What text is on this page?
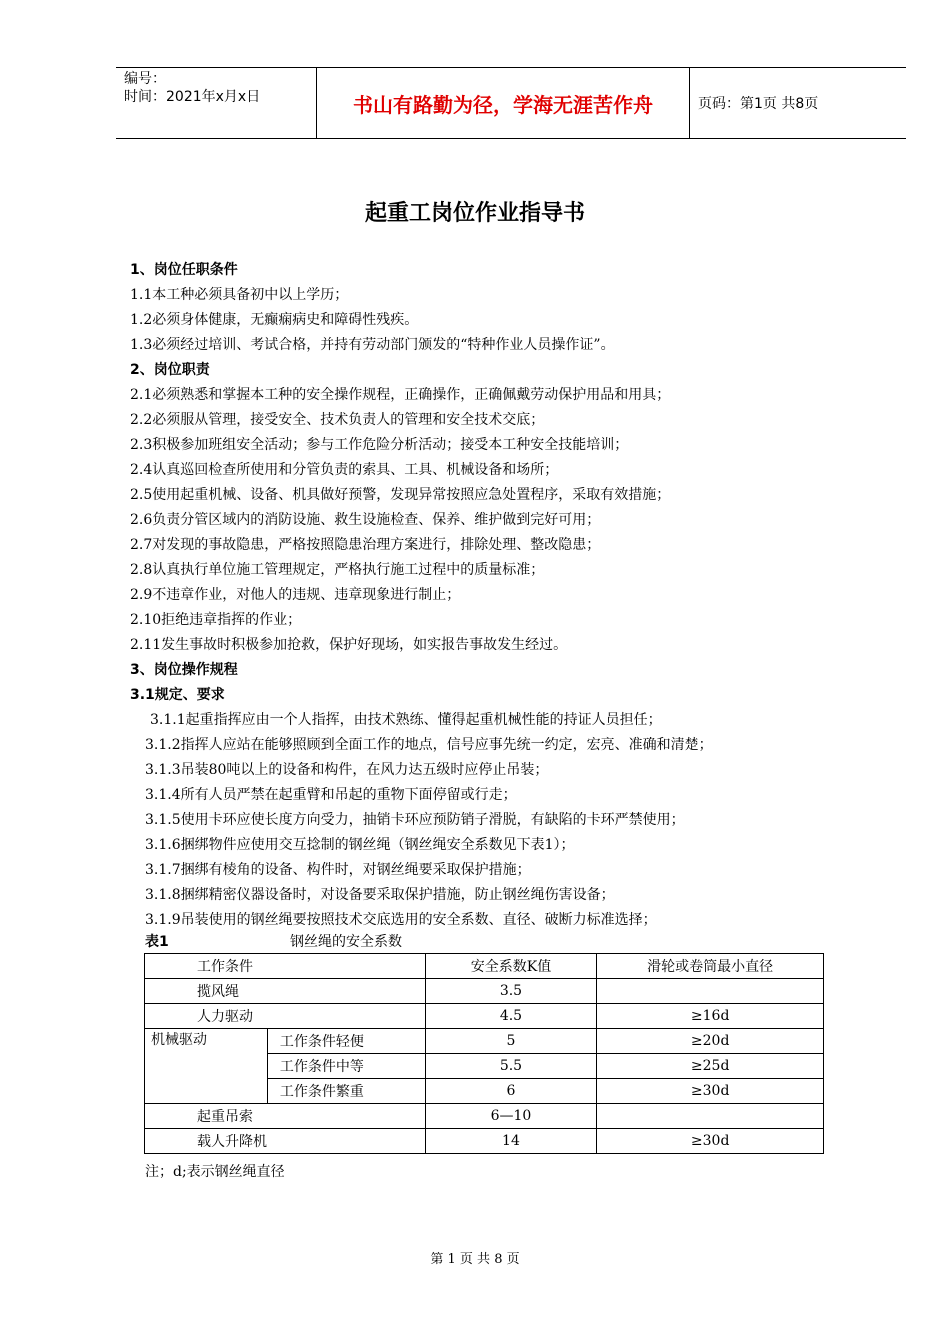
编号：
时间：2021年x月x日	书山有路勤为径，学海无涯苦作舟	页码：第1页 共8页
起重工岗位作业指导书
1、岗位任职条件
1.1本工种必须具备初中以上学历；
1.2必须身体健康，无癫痫病史和障碍性残疾。
1.3必须经过培训、考试合格，并持有劳动部门颁发的“特种作业人员操作证”。
2、岗位职责
2.1必须熟悉和掌握本工种的安全操作规程，正确操作，正确佩戴劳动保护用品和用具；
2.2必须服从管理，接受安全、技术负责人的管理和安全技术交底；
2.3积极参加班组安全活动；参与工作危险分析活动；接受本工种安全技能培训；
2.4认真巡回检查所使用和分管负责的索具、工具、机械设备和场所；
2.5使用起重机械、设备、机具做好预警，发现异常按照应急处置程序，采取有效措施；
2.6负责分管区域内的消防设施、救生设施检查、保养、维护做到完好可用；
2.7对发现的事故隐患，严格按照隐患治理方案进行，排除处理、整改隐患；
2.8认真执行单位施工管理规定，严格执行施工过程中的质量标准；
2.9不违章作业，对他人的违规、违章现象进行制止；
2.10拒绝违章指挥的作业；
2.11发生事故时积极参加抢救，保护好现场，如实报告事故发生经过。
3、岗位操作规程
3.1规定、要求
3.1.1起重指挥应由一个人指挥，由技术熟练、懂得起重机械性能的持证人员担任；
3.1.2指挥人应站在能够照顾到全面工作的地点，信号应事先统一约定，宏亮、准确和清楚；
3.1.3吊装80吨以上的设备和构件，在风力达五级时应停止吊装；
3.1.4所有人员严禁在起重臂和吊起的重物下面停留或行走；
3.1.5使用卡环应使长度方向受力，抽销卡环应预防销子滑脱，有缺陷的卡环严禁使用；
3.1.6捆绑物件应使用交互捻制的钢丝绳（钢丝绳安全系数见下表1）；
3.1.7捆绑有棱角的设备、构件时，对钢丝绳要采取保护措施；
3.1.8捆绑精密仪器设备时，对设备要采取保护措施，防止钢丝绳伤害设备；
3.1.9吊装使用的钢丝绳要按照技术交底选用的安全系数、直径、破断力标准选择；
表1	钢丝绳的安全系数
工作条件		安全系数K值	滑轮或卷筒最小直径
揽风绳		3.5	
人力驱动		4.5	≥16d
机械驱动	工作条件轻便	5	≥20d
	工作条件中等	5.5	≥25d
	工作条件繁重	6	≥30d
起重吊索		6—10	
载人升降机		14	≥30d
注；d;表示钢丝绳直径
第 1 页 共 8 页
